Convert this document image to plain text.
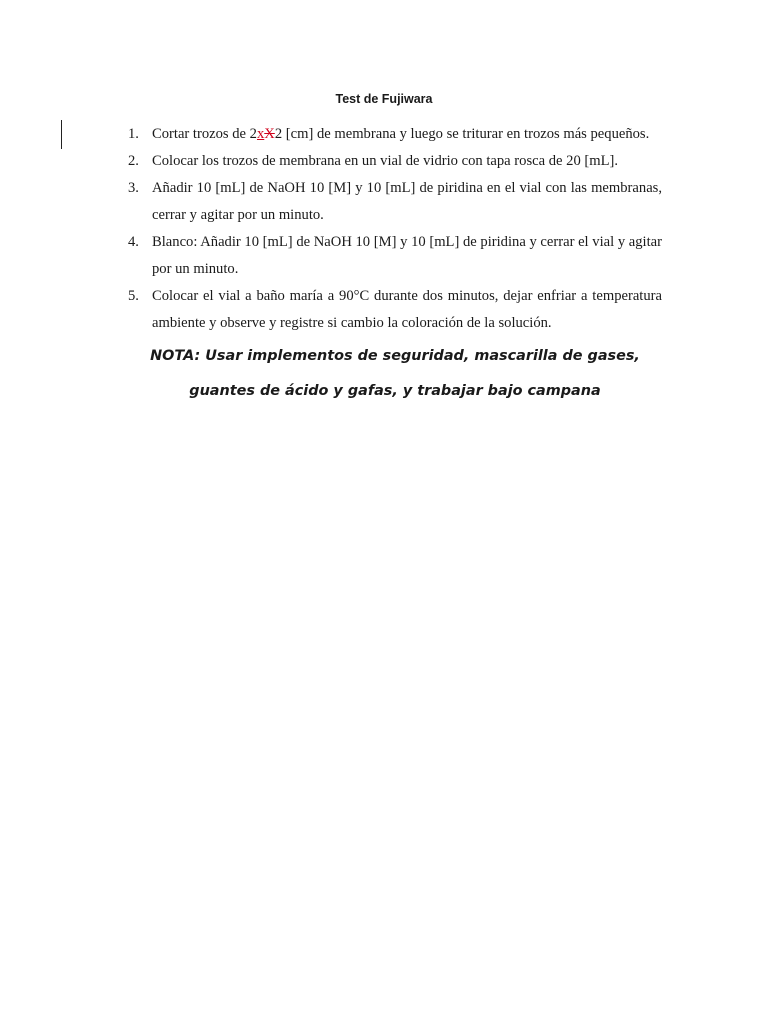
Test de Fujiwara
1. Cortar trozos de 2xX2 [cm] de membrana y luego se triturar en trozos más pequeños.
2. Colocar los trozos de membrana en un vial de vidrio con tapa rosca de 20 [mL].
3. Añadir 10 [mL] de NaOH 10 [M] y 10 [mL] de piridina en el vial con las membranas, cerrar y agitar por un minuto.
4. Blanco: Añadir 10 [mL] de NaOH 10 [M] y 10 [mL] de piridina y cerrar el vial y agitar por un minuto.
5. Colocar el vial a baño maría a 90°C durante dos minutos, dejar enfriar a temperatura ambiente y observe y registre si cambio la coloración de la solución.
NOTA: Usar implementos de seguridad, mascarilla de gases, guantes de ácido y gafas, y trabajar bajo campana
